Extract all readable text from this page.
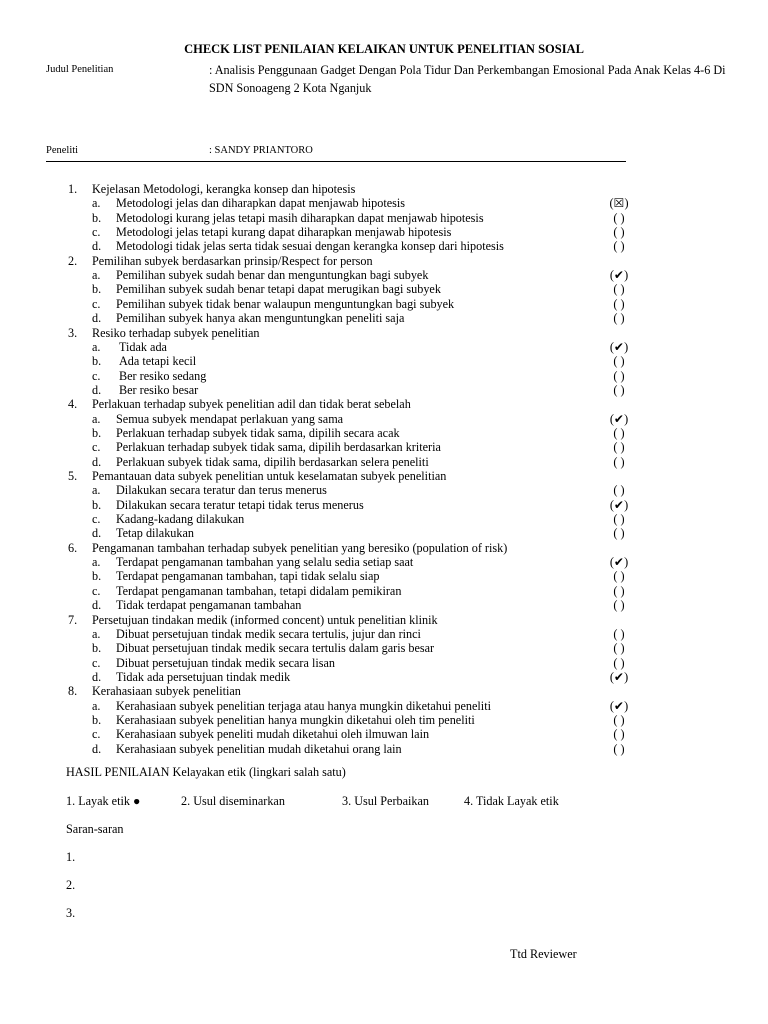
CHECK LIST PENILAIAN KELAIKAN UNTUK PENELITIAN SOSIAL
Judul Penelitian	: Analisis Penggunaan Gadget Dengan Pola Tidur Dan Perkembangan Emosional Pada Anak Kelas 4-6 Di
SDN Sonoageng 2 Kota Nganjuk
Peneliti	: SANDY PRIANTORO
1. Kejelasan Metodologi, kerangka konsep dan hipotesis
a. Metodologi jelas dan diharapkan dapat menjawab hipotesis	(☒)
b. Metodologi kurang jelas tetapi masih diharapkan dapat menjawab hipotesis	( )
c. Metodologi jelas tetapi kurang dapat diharapkan menjawab hipotesis	( )
d. Metodologi tidak jelas serta tidak sesuai dengan kerangka konsep dari hipotesis	( )
2. Pemilihan subyek berdasarkan prinsip/Respect for person
a. Pemilihan subyek sudah benar dan menguntungkan bagi subyek	(✔)
b. Pemilihan subyek sudah benar tetapi dapat merugikan bagi subyek	( )
c. Pemilihan subyek tidak benar walaupun menguntungkan bagi subyek	( )
d. Pemilihan subyek hanya akan menguntungkan peneliti saja	( )
3. Resiko terhadap subyek penelitian
a. Tidak ada	(✔)
b. Ada tetapi kecil	( )
c. Ber resiko sedang	( )
d. Ber resiko besar	( )
4. Perlakuan terhadap subyek penelitian adil dan tidak berat sebelah
a. Semua subyek mendapat perlakuan yang sama	(✔)
b. Perlakuan terhadap subyek tidak sama, dipilih secara acak	( )
c. Perlakuan terhadap subyek tidak sama, dipilih berdasarkan kriteria	( )
d. Perlakuan subyek tidak sama, dipilih berdasarkan selera peneliti	( )
5. Pemantauan data subyek penelitian untuk keselamatan subyek penelitian
a. Dilakukan secara teratur dan terus menerus	( )
b. Dilakukan secara teratur tetapi tidak terus menerus	(✔)
c. Kadang-kadang dilakukan	( )
d. Tetap dilakukan	( )
6. Pengamanan tambahan terhadap subyek penelitian yang beresiko (population of risk)
a. Terdapat pengamanan tambahan yang selalu sedia setiap saat	(✔)
b. Terdapat pengamanan tambahan, tapi tidak selalu siap	( )
c. Terdapat pengamanan tambahan, tetapi didalam pemikiran	( )
d. Tidak terdapat pengamanan tambahan	( )
7. Persetujuan tindakan medik (informed concent) untuk penelitian klinik
a. Dibuat persetujuan tindak medik secara tertulis, jujur dan rinci	( )
b. Dibuat persetujuan tindak medik secara tertulis dalam garis besar	( )
c. Dibuat persetujuan tindak medik secara lisan	( )
d. Tidak ada persetujuan tindak medik	(✔)
8. Kerahasiaan subyek penelitian
a. Kerahasiaan subyek penelitian terjaga atau hanya mungkin diketahui peneliti	(✔)
b. Kerahasiaan subyek penelitian hanya mungkin diketahui oleh tim peneliti	( )
c. Kerahasiaan subyek peneliti mudah diketahui oleh ilmuwan lain	( )
d. Kerahasiaan subyek penelitian mudah diketahui orang lain	( )
HASIL PENILAIAN Kelayakan etik (lingkari salah satu)
1. Layak etik ●	2. Usul diseminarkan	3. Usul Perbaikan	4. Tidak Layak etik
Saran-saran
1.
2.
3.
Ttd Reviewer
